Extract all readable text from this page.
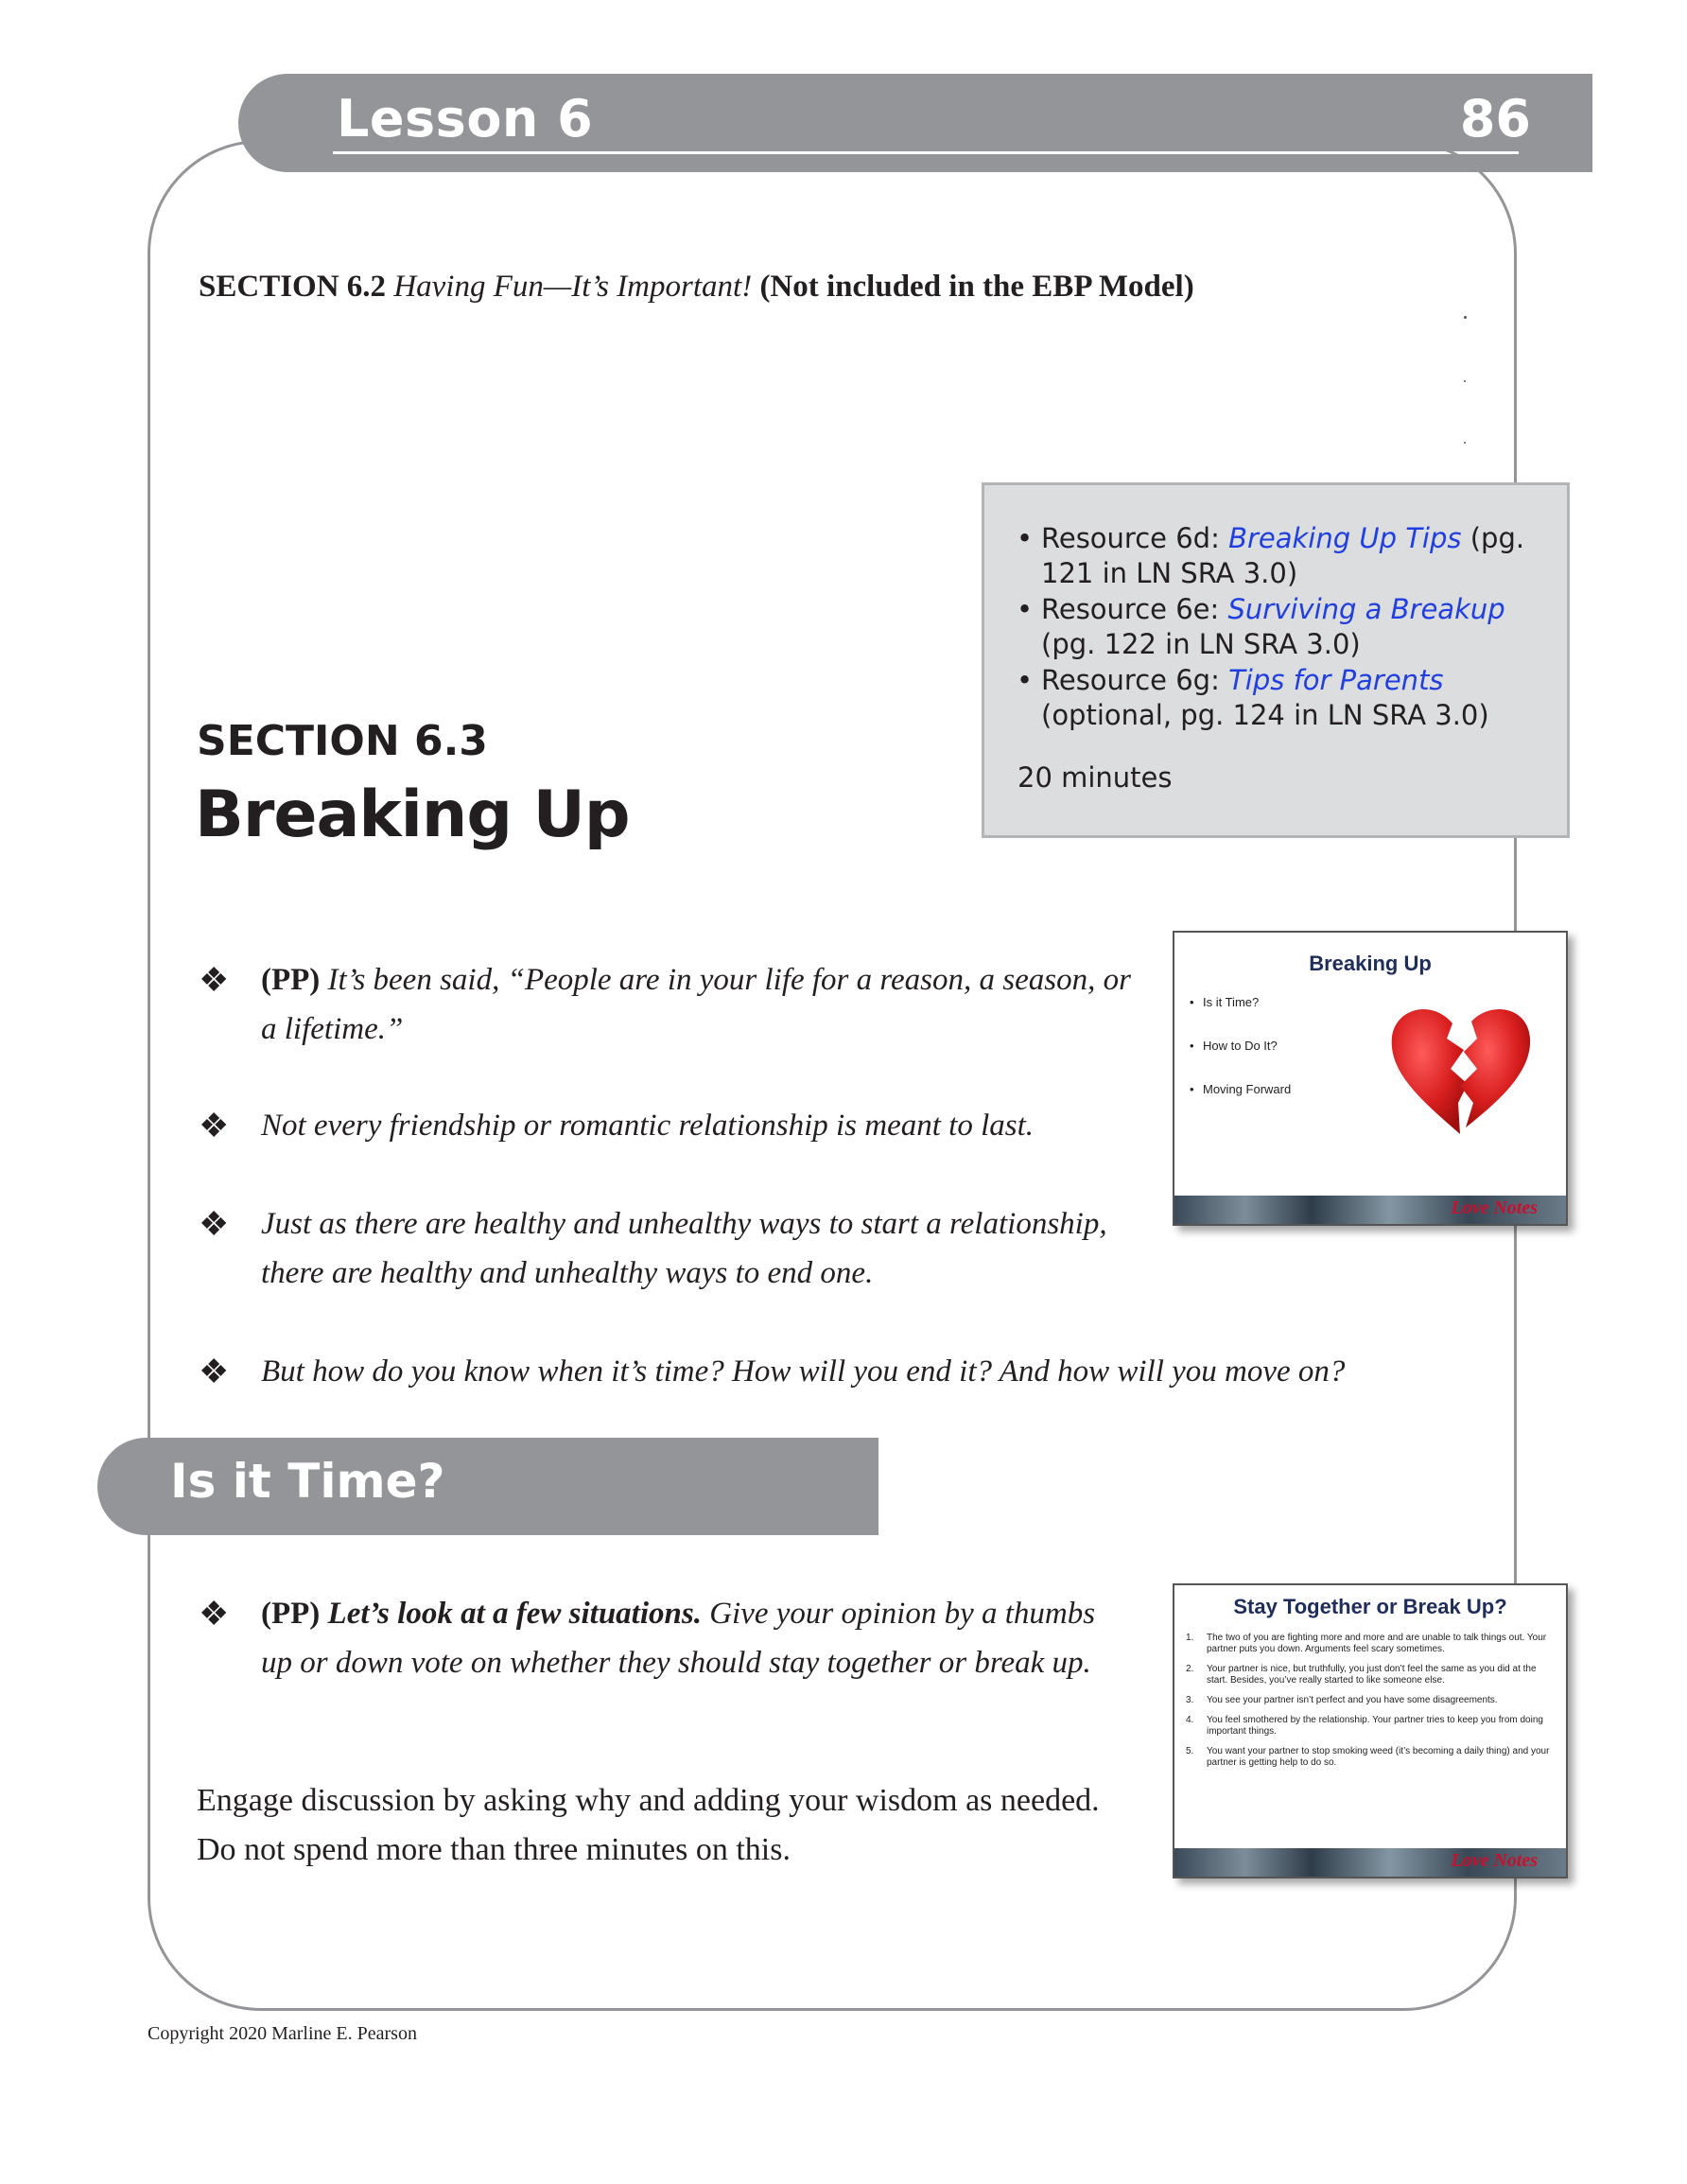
Lesson 6	86
SECTION 6.2 Having Fun—It’s Important! (Not included in the EBP Model)
• Resource 6d: Breaking Up Tips (pg. 121 in LN SRA 3.0)
• Resource 6e: Surviving a Breakup (pg. 122 in LN SRA 3.0)
• Resource 6g: Tips for Parents (optional, pg. 124 in LN SRA 3.0)
20 minutes
SECTION 6.3
Breaking Up
❖ (PP) It’s been said, “People are in your life for a reason, a season, or a lifetime.”
❖ Not every friendship or romantic relationship is meant to last.
❖ Just as there are healthy and unhealthy ways to start a relationship, there are healthy and unhealthy ways to end one.
❖ But how do you know when it’s time? How will you end it? And how will you move on?
Breaking Up
• Is it Time?
• How to Do It?
• Moving Forward
Love Notes
Is it Time?
❖ (PP) Let’s look at a few situations. Give your opinion by a thumbs up or down vote on whether they should stay together or break up.
Stay Together or Break Up?
1. The two of you are fighting more and more and are unable to talk things out. Your partner puts you down. Arguments feel scary sometimes.
2. Your partner is nice, but truthfully, you just don’t feel the same as you did at the start. Besides, you’ve really started to like someone else.
3. You see your partner isn’t perfect and you have some disagreements.
4. You feel smothered by the relationship. Your partner tries to keep you from doing important things.
5. You want your partner to stop smoking weed (it’s becoming a daily thing) and your partner is getting help to do so.
Love Notes
Engage discussion by asking why and adding your wisdom as needed. Do not spend more than three minutes on this.
Copyright 2020 Marline E. Pearson
